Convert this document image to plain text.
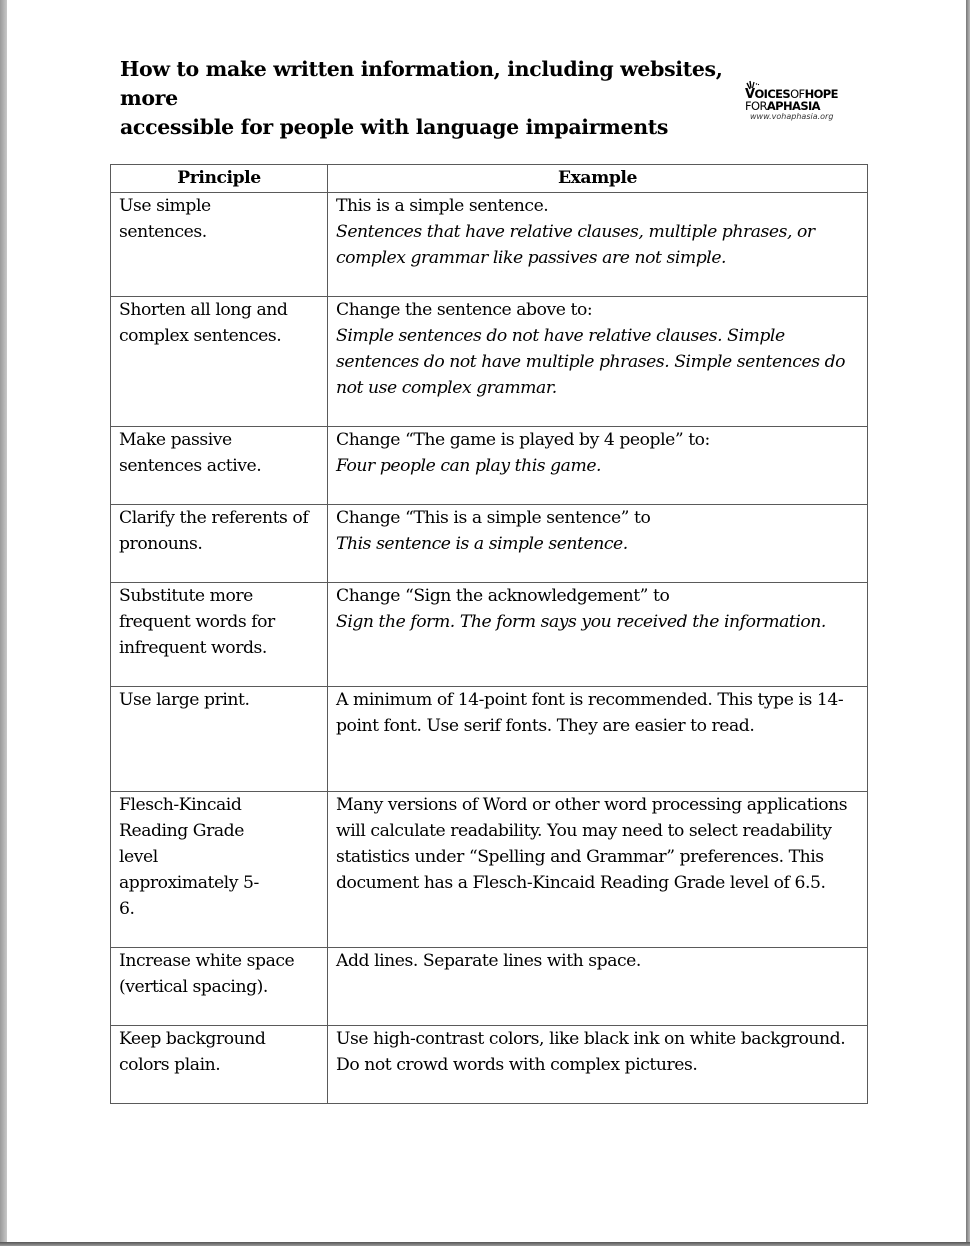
How to make written information, including websites, more
accessible for people with language impairments
VOICESOFHOPE
FORAPHASIA
www.vohaphasia.org
Principle	Example

Use simple sentences.	This is a simple sentence.
Sentences that have relative clauses, multiple phrases, or complex grammar like passives are not simple.

Shorten all long and complex sentences.	Change the sentence above to:
Simple sentences do not have relative clauses. Simple sentences do not have multiple phrases. Simple sentences do not use complex grammar.

Make passive sentences active.	Change “The game is played by 4 people” to:
Four people can play this game.

Clarify the referents of pronouns.	Change “This is a simple sentence” to
This sentence is a simple sentence.

Substitute more frequent words for infrequent words.	Change “Sign the acknowledgement” to
Sign the form. The form says you received the information.

Use large print.	A minimum of 14-point font is recommended. This type is 14-point font. Use serif fonts. They are easier to read.

Flesch-Kincaid Reading Grade level approximately 5-6.	Many versions of Word or other word processing applications will calculate readability. You may need to select readability statistics under “Spelling and Grammar” preferences. This document has a Flesch-Kincaid Reading Grade level of 6.5.

Increase white space (vertical spacing).	Add lines. Separate lines with space.

Keep background colors plain.	Use high-contrast colors, like black ink on white background. Do not crowd words with complex pictures.
